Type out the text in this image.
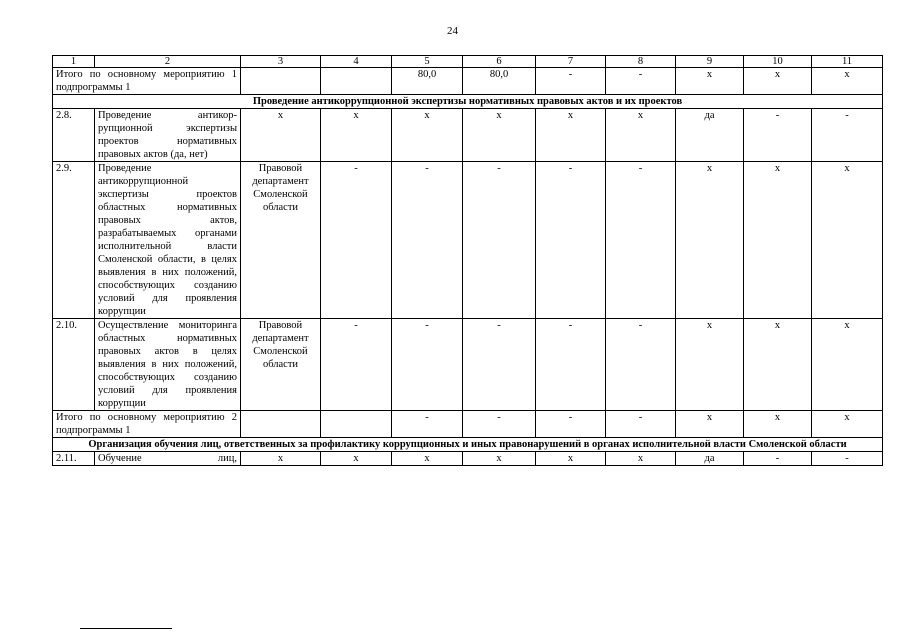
24
1	2	3	4	5	6	7	8	9	10	11
Итого по основному мероприятию 1 подпрограммы 1				80,0	80,0	-	-	х	х	х
Проведение антикоррупционной экспертизы нормативных правовых актов и их проектов										
2.8.	Проведение антикор-рупционной экспертизы проектов нормативных правовых актов (да, нет)	х	х	х	х	х	х	да	-	-
2.9.	Проведение антикоррупционной экспертизы проектов областных нормативных правовых актов, разрабатываемых органами исполнительной власти Смоленской области, в целях выявления в них положений, способствующих созданию условий для проявления коррупции	Правовой департамент Смоленской области	-	-	-	-	-	х	х	х
2.10.	Осуществление мониторинга областных нормативных правовых актов в целях выявления в них положений, способствующих созданию условий для проявления коррупции	Правовой департамент Смоленской области	-	-	-	-	-	х	х	х
Итого по основному мероприятию 2 подпрограммы 1				-	-	-	-	х	х	х
Организация обучения лиц, ответственных за профилактику коррупционных и иных правонарушений в органах исполнительной власти Смоленской области										
2.11.	Обучение лиц,	х	х	х	х	х	х	да	-	-
